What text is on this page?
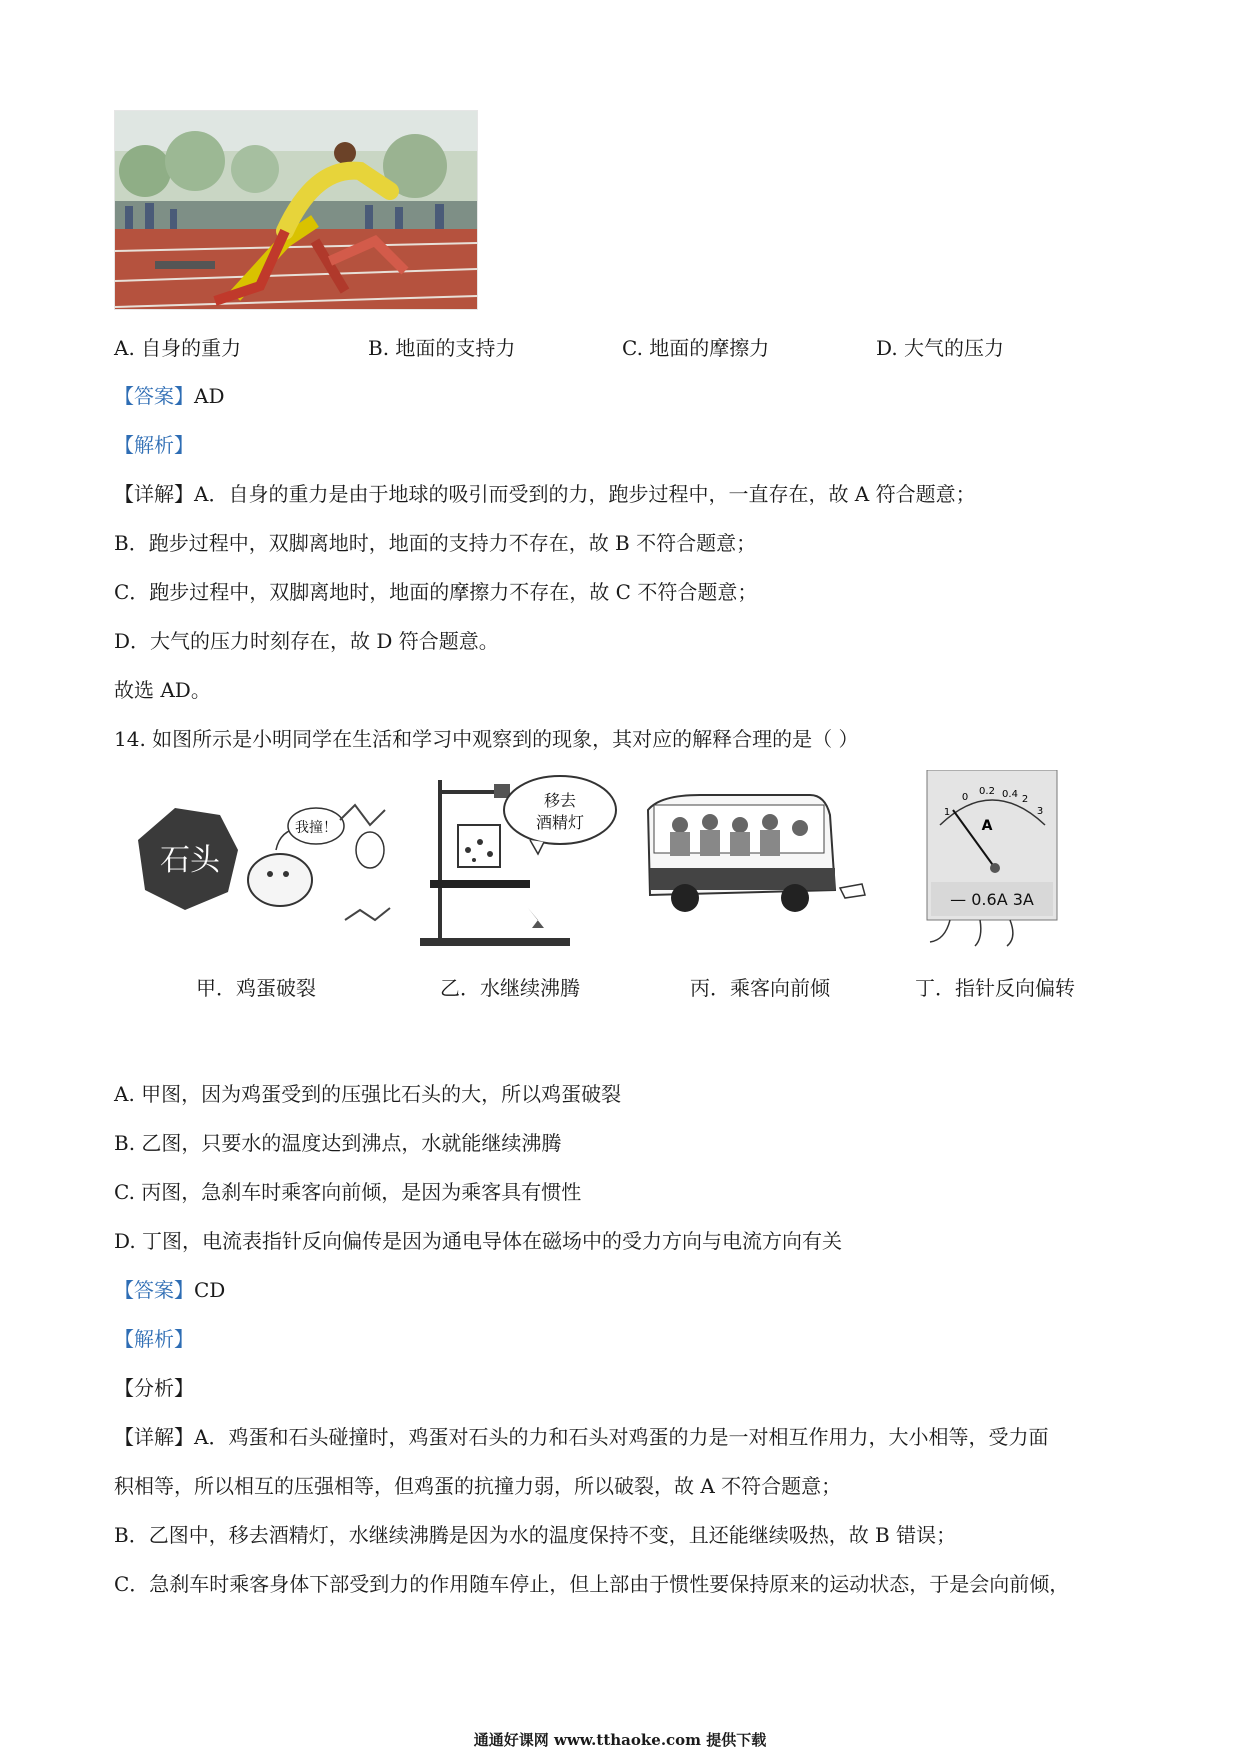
A. 自身的重力	B. 地面的支持力	C. 地面的摩擦力	D. 大气的压力
【答案】AD
【解析】
【详解】A．自身的重力是由于地球的吸引而受到的力，跑步过程中，一直存在，故 A 符合题意；
B．跑步过程中，双脚离地时，地面的支持力不存在，故 B 不符合题意；
C．跑步过程中，双脚离地时，地面的摩擦力不存在，故 C 不符合题意；
D．大气的压力时刻存在，故 D 符合题意。
故选 AD。
14. 如图所示是小明同学在生活和学习中观察到的现象，其对应的解释合理的是（ ）
石头
我撞！
移去
酒精灯
1
0
0.2 0.4 2
3
A
— 0.6A 3A
甲．鸡蛋破裂	乙．水继续沸腾	丙．乘客向前倾	丁．指针反向偏转
A. 甲图，因为鸡蛋受到的压强比石头的大，所以鸡蛋破裂
B. 乙图，只要水的温度达到沸点，水就能继续沸腾
C. 丙图，急刹车时乘客向前倾，是因为乘客具有惯性
D. 丁图，电流表指针反向偏传是因为通电导体在磁场中的受力方向与电流方向有关
【答案】CD
【解析】
【分析】
【详解】A．鸡蛋和石头碰撞时，鸡蛋对石头的力和石头对鸡蛋的力是一对相互作用力，大小相等，受力面
积相等，所以相互的压强相等，但鸡蛋的抗撞力弱，所以破裂，故 A 不符合题意；
B．乙图中，移去酒精灯，水继续沸腾是因为水的温度保持不变，且还能继续吸热，故 B 错误；
C．急刹车时乘客身体下部受到力的作用随车停止，但上部由于惯性要保持原来的运动状态，于是会向前倾，
通通好课网 www.tthaoke.com 提供下载
